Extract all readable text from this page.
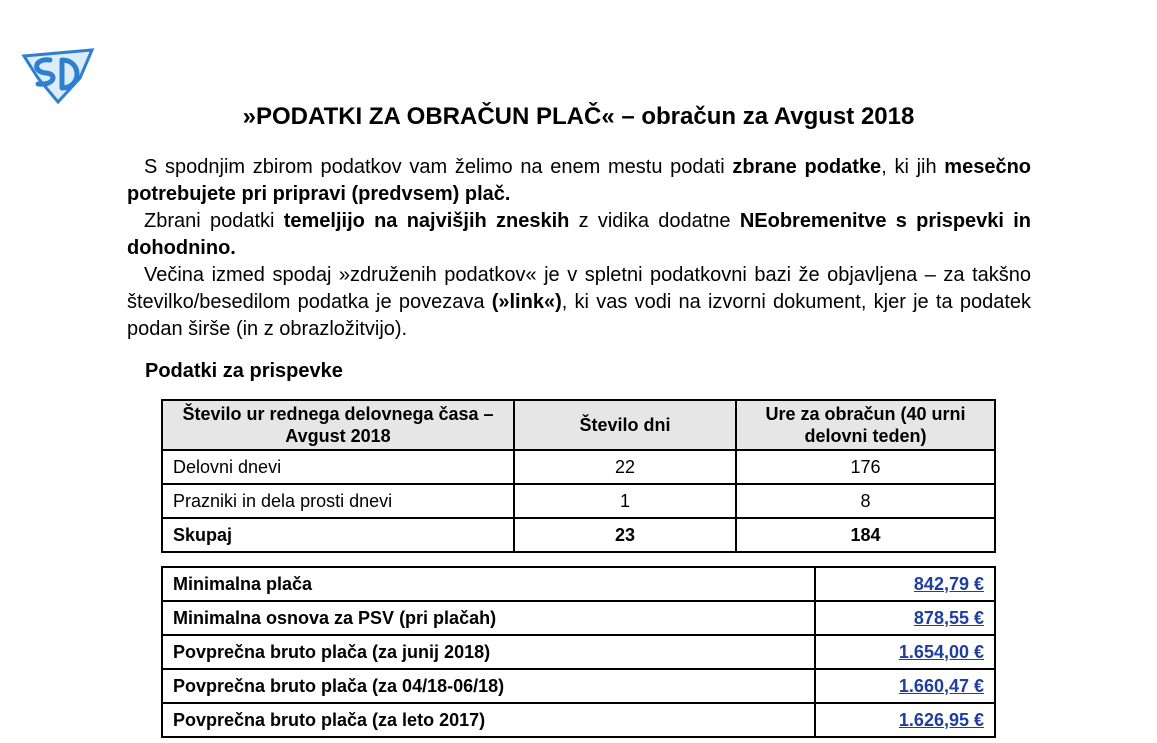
»PODATKI ZA OBRAČUN PLAČ« – obračun za Avgust 2018

S spodnjim zbirom podatkov vam želimo na enem mestu podati zbrane podatke, ki jih mesečno potrebujete pri pripravi (predvsem) plač.

Zbrani podatki temeljijo na najvišjih zneskih z vidika dodatne NEobremenitve s prispevki in dohodnino.

Večina izmed spodaj »združenih podatkov« je v spletni podatkovni bazi že objavljena – za takšno številko/besedilom podatka je povezava (»link«), ki vas vodi na izvorni dokument, kjer je ta podatek podan širše (in z obrazložitvijo).

Podatki za prispevke
Število ur rednega delovnega časa – Avgust 2018	Število dni	Ure za obračun (40 urni delovni teden)
Delovni dnevi	22	176
Prazniki in dela prosti dnevi	1	8
Skupaj	23	184
Minimalna plača	842,79 €
Minimalna osnova za PSV (pri plačah)	878,55 €
Povprečna bruto plača (za junij 2018)	1.654,00 €
Povprečna bruto plača (za 04/18-06/18)	1.660,47 €
Povprečna bruto plača (za leto 2017)	1.626,95 €
